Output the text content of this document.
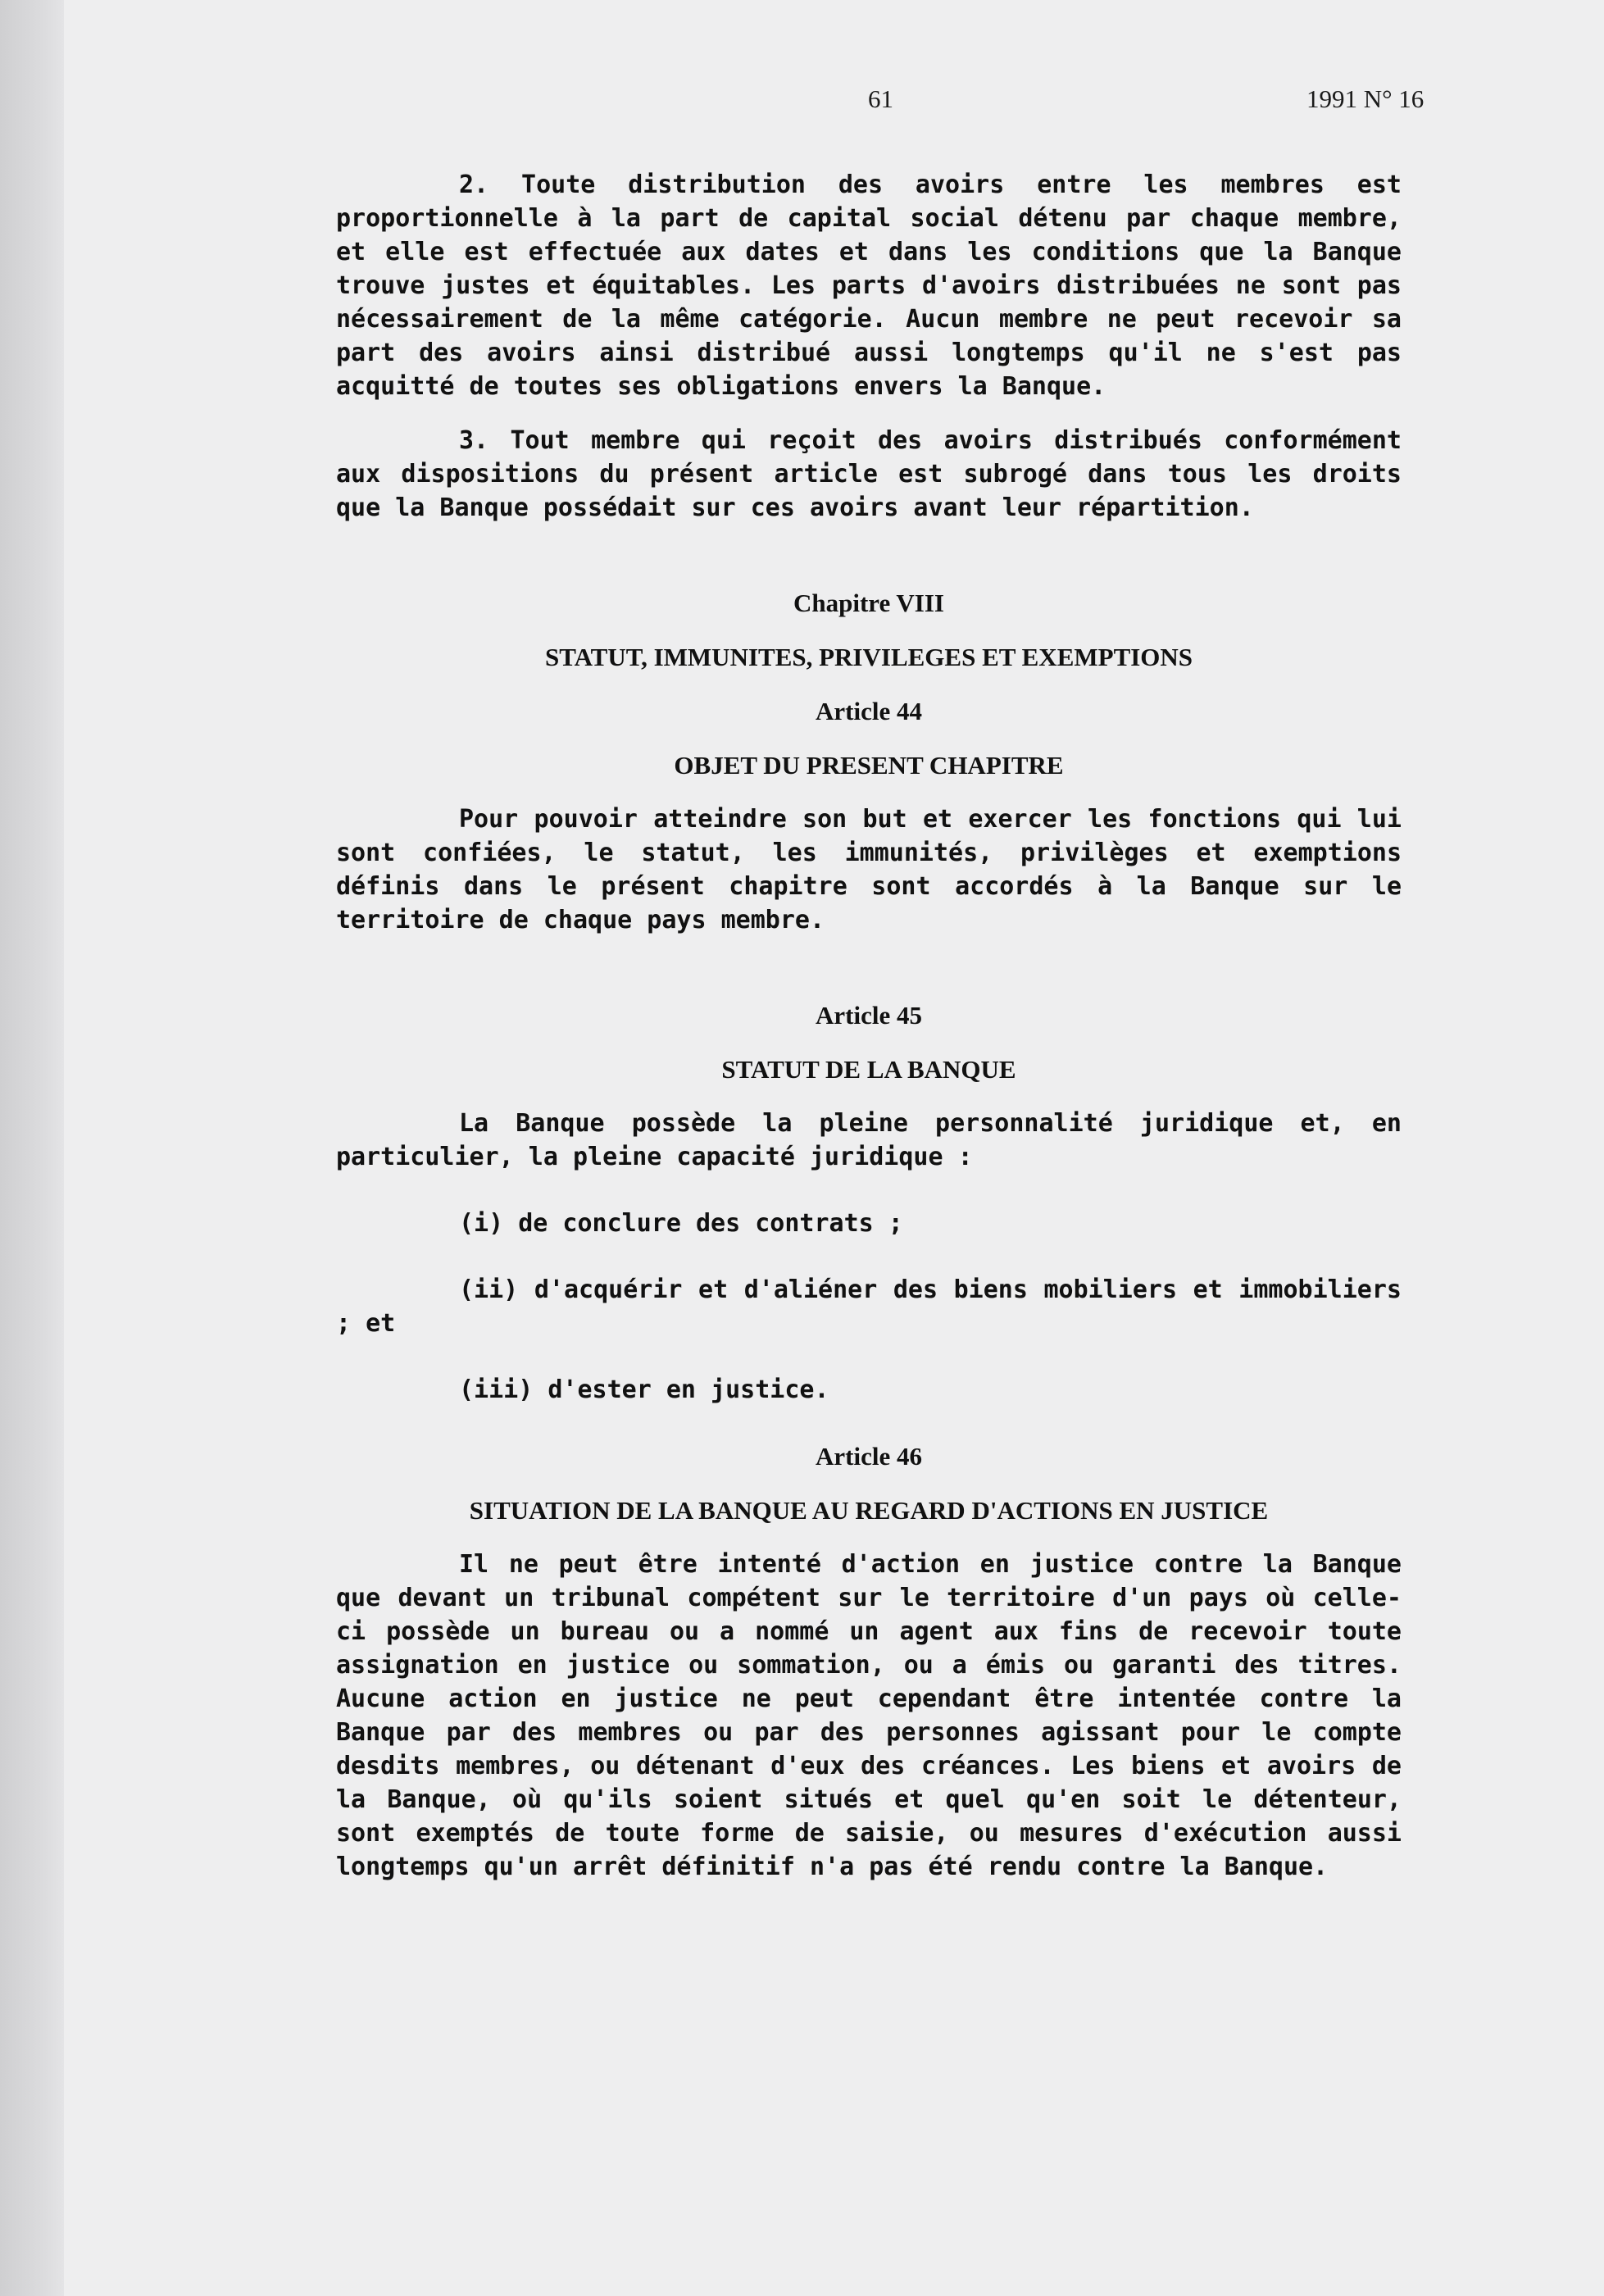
61	1991 N° 16

2. Toute distribution des avoirs entre les membres est proportionnelle à la part de capital social détenu par chaque membre, et elle est effectuée aux dates et dans les conditions que la Banque trouve justes et équitables. Les parts d'avoirs distribuées ne sont pas nécessairement de la même catégorie. Aucun membre ne peut recevoir sa part des avoirs ainsi distribué aussi longtemps qu'il ne s'est pas acquitté de toutes ses obligations envers la Banque.

3. Tout membre qui reçoit des avoirs distribués conformément aux dispositions du présent article est subrogé dans tous les droits que la Banque possédait sur ces avoirs avant leur répartition.

Chapitre VIII
STATUT, IMMUNITES, PRIVILEGES ET EXEMPTIONS
Article 44
OBJET DU PRESENT CHAPITRE

Pour pouvoir atteindre son but et exercer les fonctions qui lui sont confiées, le statut, les immunités, privilèges et exemptions définis dans le présent chapitre sont accordés à la Banque sur le territoire de chaque pays membre.

Article 45
STATUT DE LA BANQUE

La Banque possède la pleine personnalité juridique et, en particulier, la pleine capacité juridique :

(i) de conclure des contrats ;

(ii) d'acquérir et d'aliéner des biens mobiliers et immobiliers ; et

(iii) d'ester en justice.

Article 46
SITUATION DE LA BANQUE AU REGARD D'ACTIONS EN JUSTICE

Il ne peut être intenté d'action en justice contre la Banque que devant un tribunal compétent sur le territoire d'un pays où celle-ci possède un bureau ou a nommé un agent aux fins de recevoir toute assignation en justice ou sommation, ou a émis ou garanti des titres. Aucune action en justice ne peut cependant être intentée contre la Banque par des membres ou par des personnes agissant pour le compte desdits membres, ou détenant d'eux des créances. Les biens et avoirs de la Banque, où qu'ils soient situés et quel qu'en soit le détenteur, sont exemptés de toute forme de saisie, ou mesures d'exécution aussi longtemps qu'un arrêt définitif n'a pas été rendu contre la Banque.
